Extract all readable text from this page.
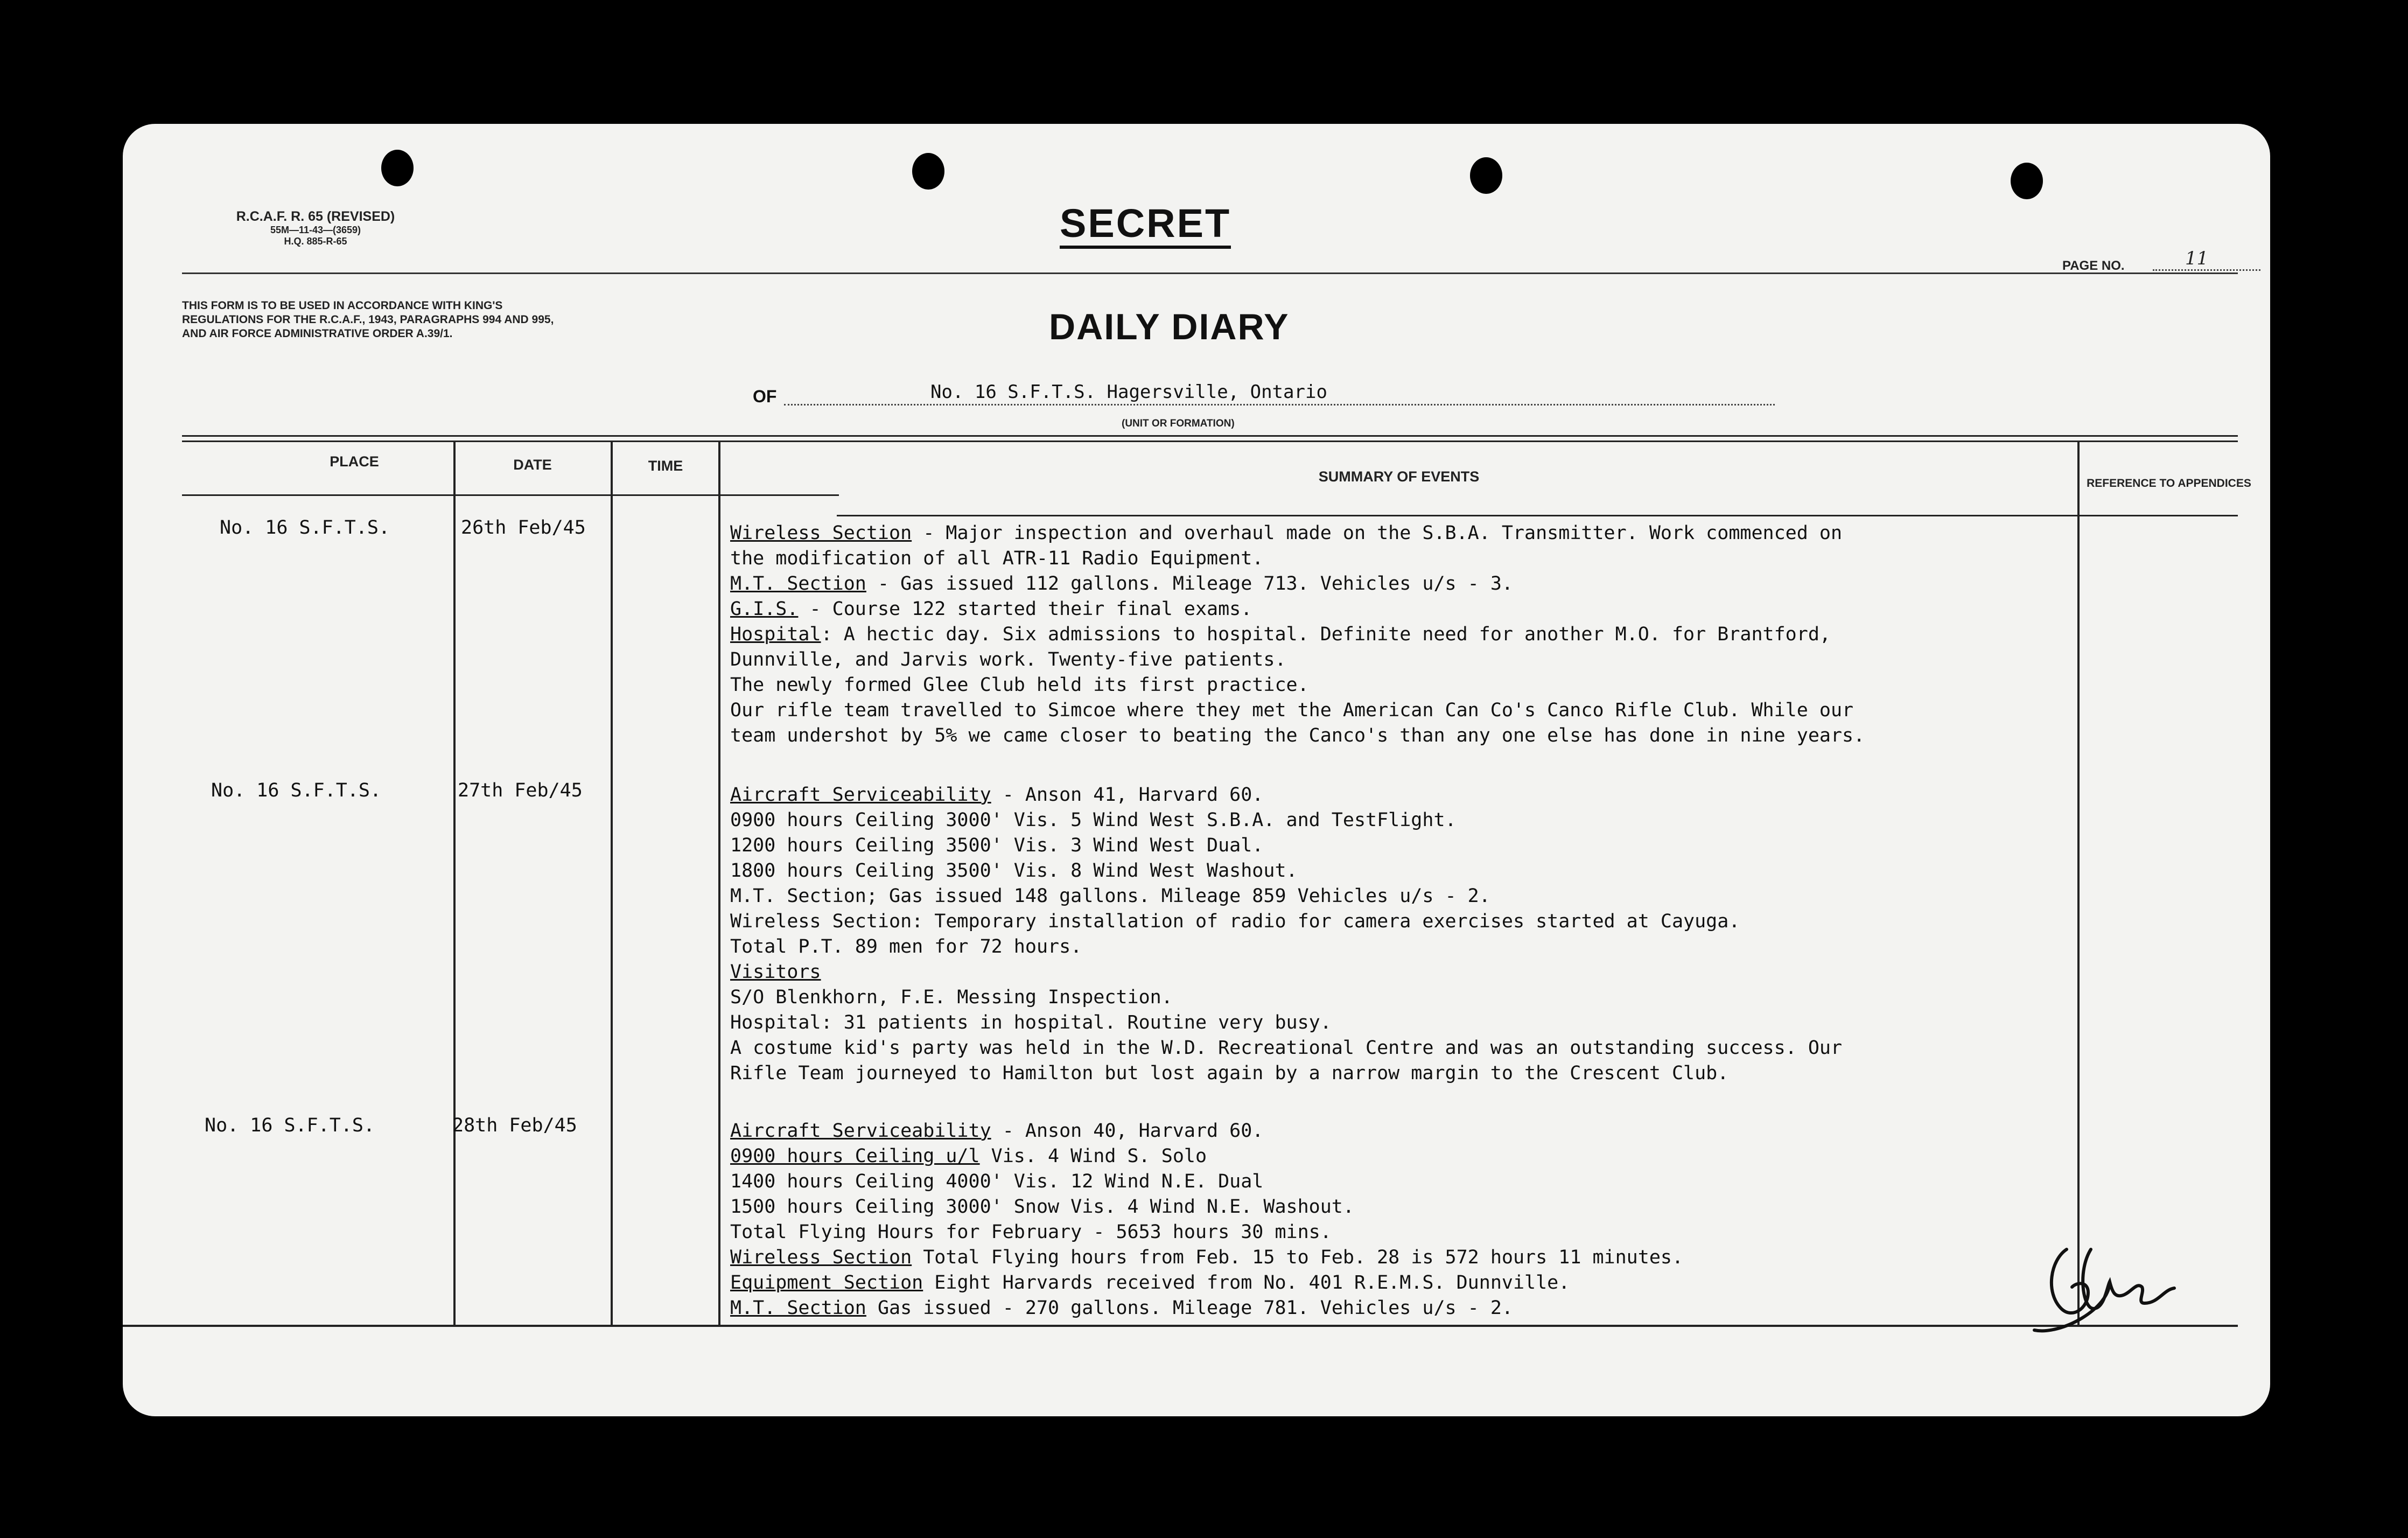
R.C.A.F. R. 65 (REVISED)
55M—11-43—(3659)
H.Q. 885-R-65	SECRET
PAGE NO.	11
THIS FORM IS TO BE USED IN ACCORDANCE WITH KING'S REGULATIONS FOR THE R.C.A.F., 1943, PARAGRAPHS 994 AND 995, AND AIR FORCE ADMINISTRATIVE ORDER A.39/1.	DAILY DIARY
OF	No. 16 S.F.T.S. Hagersville, Ontario
(UNIT OR FORMATION)
PLACE	DATE	TIME
SUMMARY OF EVENTS	REFERENCE TO APPENDICES
No. 16 S.F.T.S.	26th Feb/45	Wireless Section - Major inspection and overhaul made on the S.B.A. Transmitter. Work commenced on
the modification of all ATR-11 Radio Equipment.
M.T. Section - Gas issued 112 gallons. Mileage 713. Vehicles u/s - 3.
G.I.S. - Course 122 started their final exams.
Hospital: A hectic day. Six admissions to hospital. Definite need for another M.O. for Brantford,
Dunnville, and Jarvis work. Twenty-five patients.
The newly formed Glee Club held its first practice.
Our rifle team travelled to Simcoe where they met the American Can Co's Canco Rifle Club. While our
team undershot by 5% we came closer to beating the Canco's than any one else has done in nine years.
No. 16 S.F.T.S.	27th Feb/45	Aircraft Serviceability - Anson 41, Harvard 60.
0900 hours Ceiling 3000' Vis. 5 Wind West S.B.A. and TestFlight.
1200 hours Ceiling 3500' Vis. 3 Wind West Dual.
1800 hours Ceiling 3500' Vis. 8 Wind West Washout.
M.T. Section; Gas issued 148 gallons. Mileage 859 Vehicles u/s - 2.
Wireless Section: Temporary installation of radio for camera exercises started at Cayuga.
Total P.T. 89 men for 72 hours.
Visitors
S/O Blenkhorn, F.E. Messing Inspection.
Hospital: 31 patients in hospital. Routine very busy.
A costume kid's party was held in the W.D. Recreational Centre and was an outstanding success. Our
Rifle Team journeyed to Hamilton but lost again by a narrow margin to the Crescent Club.
No. 16 S.F.T.S.	28th Feb/45	Aircraft Serviceability - Anson 40, Harvard 60.
0900 hours Ceiling u/l Vis. 4 Wind S. Solo
1400 hours Ceiling 4000' Vis. 12 Wind N.E. Dual
1500 hours Ceiling 3000' Snow Vis. 4 Wind N.E. Washout.
Total Flying Hours for February - 5653 hours 30 mins.
Wireless Section Total Flying hours from Feb. 15 to Feb. 28 is 572 hours 11 minutes.
Equipment Section Eight Harvards received from No. 401 R.E.M.S. Dunnville.
M.T. Section Gas issued - 270 gallons. Mileage 781. Vehicles u/s - 2.
